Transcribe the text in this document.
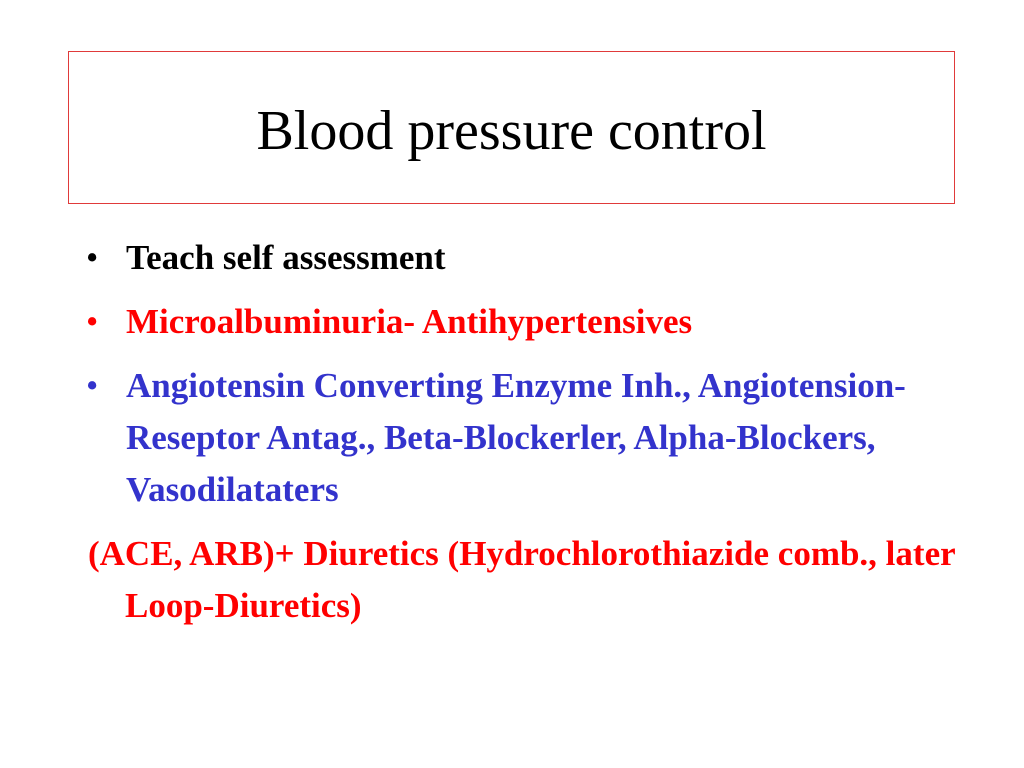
Blood pressure control
• Teach self assessment
• Microalbuminuria- Antihypertensives
• Angiotensin Converting Enzyme Inh., Angiotension-Reseptor Antag., Beta-Blockerler, Alpha-Blockers, Vasodilataters
(ACE, ARB)+ Diuretics (Hydrochlorothiazide comb., later Loop-Diuretics)
